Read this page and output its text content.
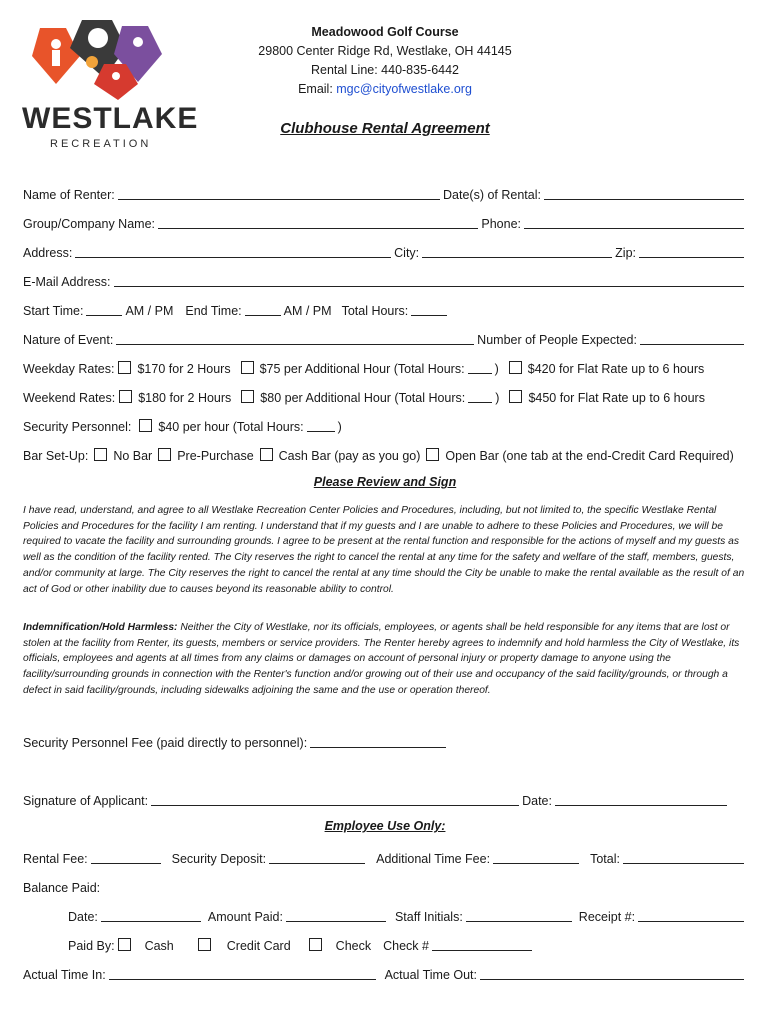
WESTLAKE
RECREATION
Meadowood Golf Course
29800 Center Ridge Rd, Westlake, OH 44145
Rental Line: 440-835-6442
Email: mgc@cityofwestlake.org
Clubhouse Rental Agreement
Name of Renter:	Date(s) of Rental:
Group/Company Name:	Phone:
Address:	City:	Zip:
E-Mail Address:
Start Time:	AM / PM End Time:	AM / PM Total Hours:
Nature of Event:	Number of People Expected:
Weekday Rates: $170 for 2 Hours $75 per Additional Hour (Total Hours: ) $420 for Flat Rate up to 6 hours
Weekend Rates: $180 for 2 Hours $80 per Additional Hour (Total Hours: ) $450 for Flat Rate up to 6 hours
Security Personnel: $40 per hour (Total Hours:	)
Bar Set-Up: No Bar Pre-Purchase Cash Bar (pay as you go) Open Bar (one tab at the end-Credit Card Required)
Please Review and Sign
I have read, understand, and agree to all Westlake Recreation Center Policies and Procedures, including, but not limited to, the specific Westlake Rental Policies and Procedures for the facility I am renting. I understand that if my guests and I are unable to adhere to these Policies and Procedures, we will be required to vacate the facility and surrounding grounds. I agree to be present at the rental function and responsible for the actions of myself and my guests as well as the condition of the facility rented. The City reserves the right to cancel the rental at any time for the safety and welfare of the staff, members, guests, and/or community at large. The City reserves the right to cancel the rental at any time should the City be unable to make the rental available as the result of an act of God or other inability due to causes beyond its reasonable ability to control.
Indemnification/Hold Harmless: Neither the City of Westlake, nor its officials, employees, or agents shall be held responsible for any items that are lost or stolen at the facility from Renter, its guests, members or service providers. The Renter hereby agrees to indemnify and hold harmless the City of Westlake, its officials, employees and agents at all times from any claims or damages on account of personal injury or property damage to anyone using the facility/surrounding grounds in connection with the Renter's function and/or growing out of their use and occupancy of the said facility/grounds, or through a defect in said facility/grounds, including sidewalks adjoining the same and the use or operation thereof.
Security Personnel Fee (paid directly to personnel):
Signature of Applicant:	Date:
Employee Use Only:
Rental Fee:	Security Deposit:	Additional Time Fee:	Total:
Balance Paid:
Date:	Amount Paid:	Staff Initials:	Receipt #:
Paid By: Cash	Credit Card	Check Check #
Actual Time In:	Actual Time Out:
